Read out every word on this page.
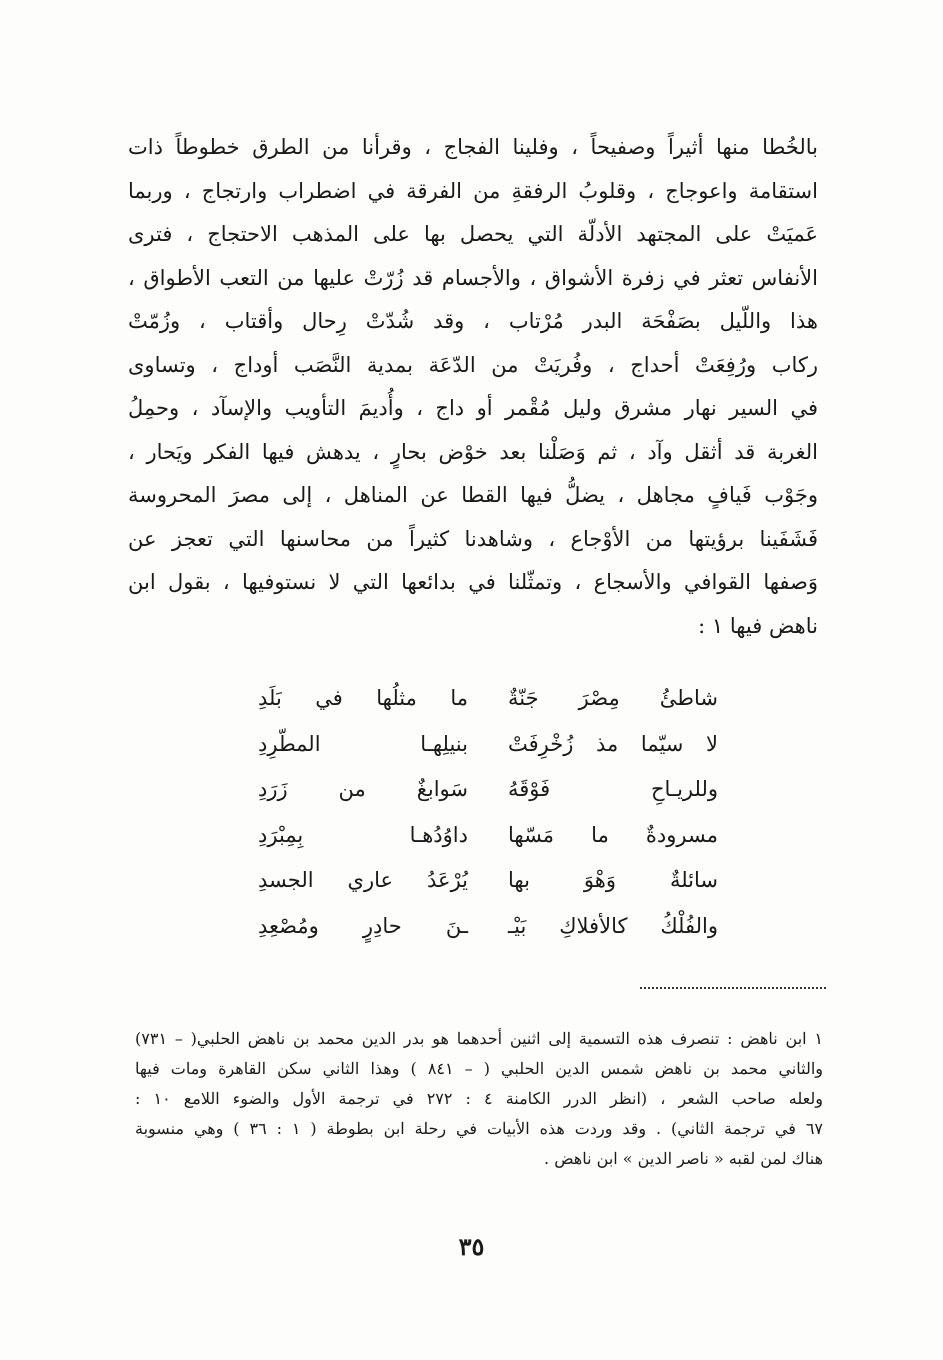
بالخُطا منها أثيراً وصفيحاً ، وفلينا الفجاج ، وقرأنا من الطرق خطوطاً ذات
استقامة واعوجاج ، وقلوبُ الرفقةِ من الفرقة في اضطراب وارتجاج ، وربما
عَميَتْ على المجتهد الأدلّة التي يحصل بها على المذهب الاحتجاج ، فترى
الأنفاس تعثر في زفرة الأشواق ، والأجسام قد زُرّتْ عليها من التعب الأطواق ،
هذا واللّيل بصَفْحَة البدر مُرْتاب ، وقد شُدّتْ رِحال وأقتاب ، وزُمّتْ
ركاب ورُفِعَتْ أحداج ، وفُريَتْ من الدّعَة بمدية النَّصَب أوداج ، وتساوى
في السير نهار مشرق وليل مُقْمر أو داج ، وأُديمَ التأويب والإسآد ، وحمِلُ
الغربة قد أثقل وآد ، ثم وَصَلْنا بعد خوْض بحارٍ ، يدهش فيها الفكر ويَحار ،
وجَوْب فَيافٍ مجاهل ، يضلُّ فيها القطا عن المناهل ، إلى مصرَ المحروسة
فَشَفَينا برؤيتها من الأوْجاع ، وشاهدنا كثيراً من محاسنها التي تعجز عن
وَصفها القوافي والأسجاع ، وتمثّلنا في بدائعها التي لا نستوفيها ، بقول ابن
ناهض فيها ١ :
شاطئُ مِصْرَ جَنّةٌ
ما مثلُها في بَلَدِ
لا سيّما مذ زُخْرِفَتْ
بنيلِهـا المطّرِدِ
وللريـاحِ فَوْقَهُ
سَوابغٌ من زَرَدِ
مسرودةٌ ما مَسّها
داوُدُهـا بِمِبْرَدِ
سائلةٌ وَهْوَ بها
يُرْعَدُ عاري الجسدِ
والفُلْكُ كالأفلاكِ بَيْـ
ـنَ حادِرٍ ومُصْعِدِ
١ ابن ناهض : تنصرف هذه التسمية إلى اثنين أحدهما هو بدر الدين محمد بن ناهض الحلبي( – ٧٣١)
والثاني محمد بن ناهض شمس الدين الحلبي ( – ٨٤١ ) وهذا الثاني سكن القاهرة ومات فيها
ولعله صاحب الشعر ، (انظر الدرر الكامنة ٤ : ٢٧٢ في ترجمة الأول والضوء اللامع ١٠ :
٦٧ في ترجمة الثاني) . وقد وردت هذه الأبيات في رحلة ابن بطوطة ( ١ : ٣٦ ) وهي منسوبة
هناك لمن لقبه « ناصر الدين » ابن ناهض .
٣٥
